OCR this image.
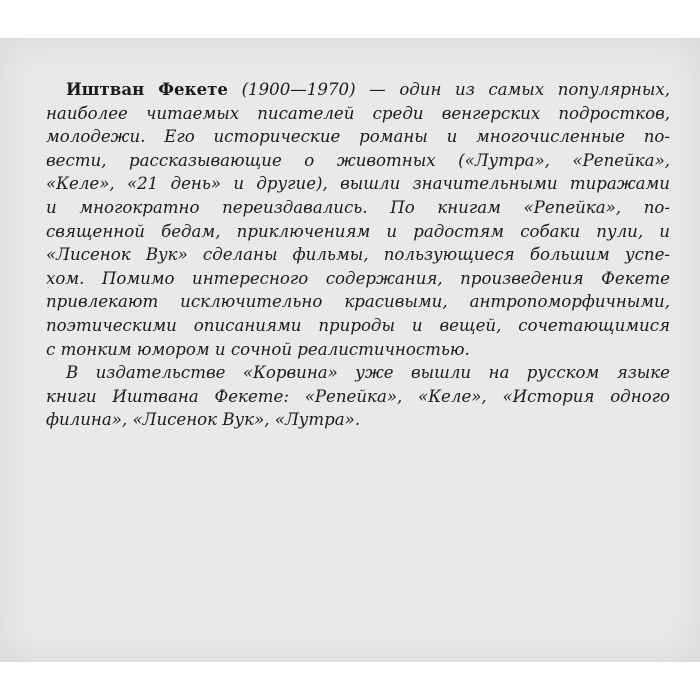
Иштван Фекете (1900—1970) — один из самых популярных,
наиболее читаемых писателей среди венгерских подростков,
молодежи. Его исторические романы и многочисленные по-
вести, рассказывающие о животных («Лутра», «Репейка»,
«Келе», «21 день» и другие), вышли значительными тиражами
и многократно переиздавались. По книгам «Репейка», по-
священной бедам, приключениям и радостям собаки пули, и
«Лисенок Вук» сделаны фильмы, пользующиеся большим успе-
хом. Помимо интересного содержания, произведения Фекете
привлекают исключительно красивыми, антропоморфичными,
поэтическими описаниями природы и вещей, сочетающимися
с тонким юмором и сочной реалистичностью.
В издательстве «Корвина» уже вышли на русском языке
книги Иштвана Фекете: «Репейка», «Келе», «История одного
филина», «Лисенок Вук», «Лутра».
